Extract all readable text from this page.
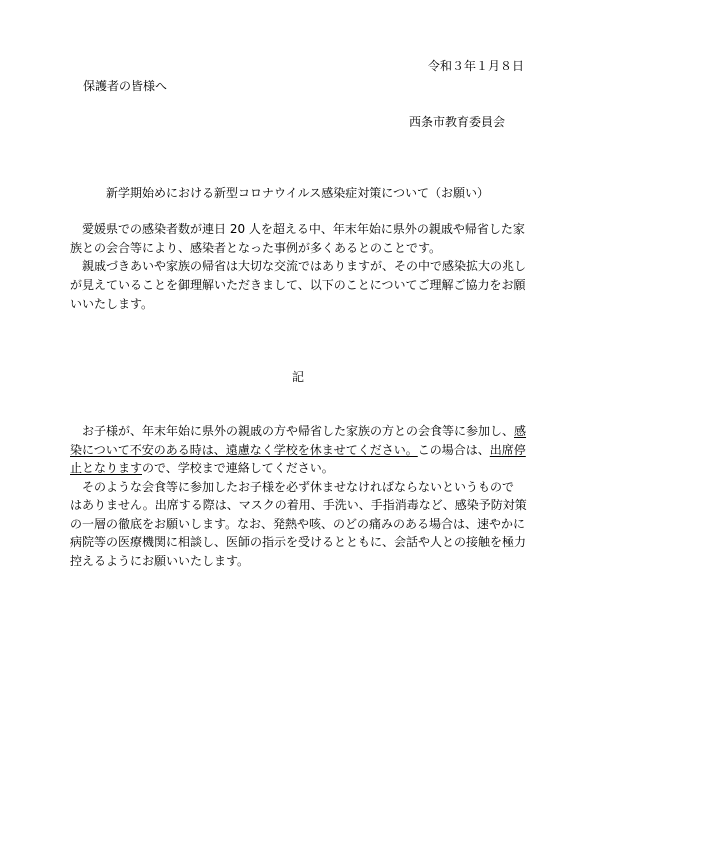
令和３年１月８日
保護者の皆様へ
西条市教育委員会
新学期始めにおける新型コロナウイルス感染症対策について（お願い）
愛媛県での感染者数が連日 20 人を超える中、年末年始に県外の親戚や帰省した家
族との会合等により、感染者となった事例が多くあるとのことです。
親戚づきあいや家族の帰省は大切な交流ではありますが、その中で感染拡大の兆し
が見えていることを御理解いただきまして、以下のことについてご理解ご協力をお願
いいたします。
記
お子様が、年末年始に県外の親戚の方や帰省した家族の方との会食等に参加し、感
染について不安のある時は、遠慮なく学校を休ませてください。この場合は、出席停
止となりますので、学校まで連絡してください。
そのような会食等に参加したお子様を必ず休ませなければならないというもので
はありません。出席する際は、マスクの着用、手洗い、手指消毒など、感染予防対策
の一層の徹底をお願いします。なお、発熱や咳、のどの痛みのある場合は、速やかに
病院等の医療機関に相談し、医師の指示を受けるとともに、会話や人との接触を極力
控えるようにお願いいたします。
